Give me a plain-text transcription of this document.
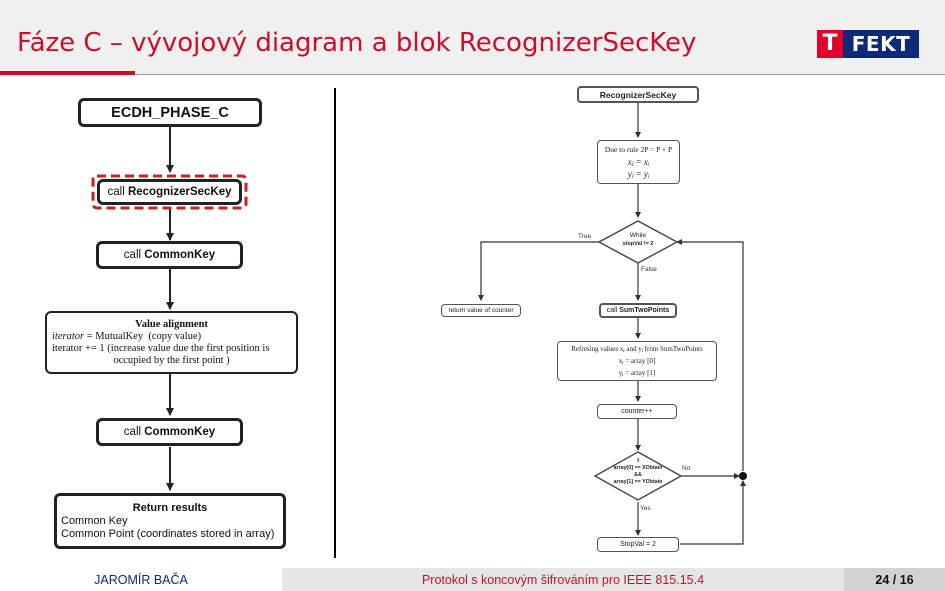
Fáze C – vývojový diagram a blok RecognizerSecKey	T FEKT
ECDH_PHASE_C
call RecognizerSecKey
call CommonKey
Value alignment
iterator = MutualKey  (copy value)
iterator += 1 (increase value due the first position is
occupied by the first point )
call CommonKey
Return results
Common Key
Common Point (coordinates stored in array)
RecognizerSecKey
Due to rule 2P = P + P
xⱼ = xᵢ
yⱼ = yᵢ
While
stopVal != 2
True
False
return value of counter	call SumTwoPoints
Refresing values xⱼ and yⱼ from SumTwoPoints
xⱼ = array [0]
yⱼ = array [1]
counter++
if
array[0] == XObtain
&&
array[1] == YObtain
No
Yes
StopVal = 2
JAROMÍR BAČA	Protokol s koncovým šifrováním pro IEEE 815.15.4	24 / 16
